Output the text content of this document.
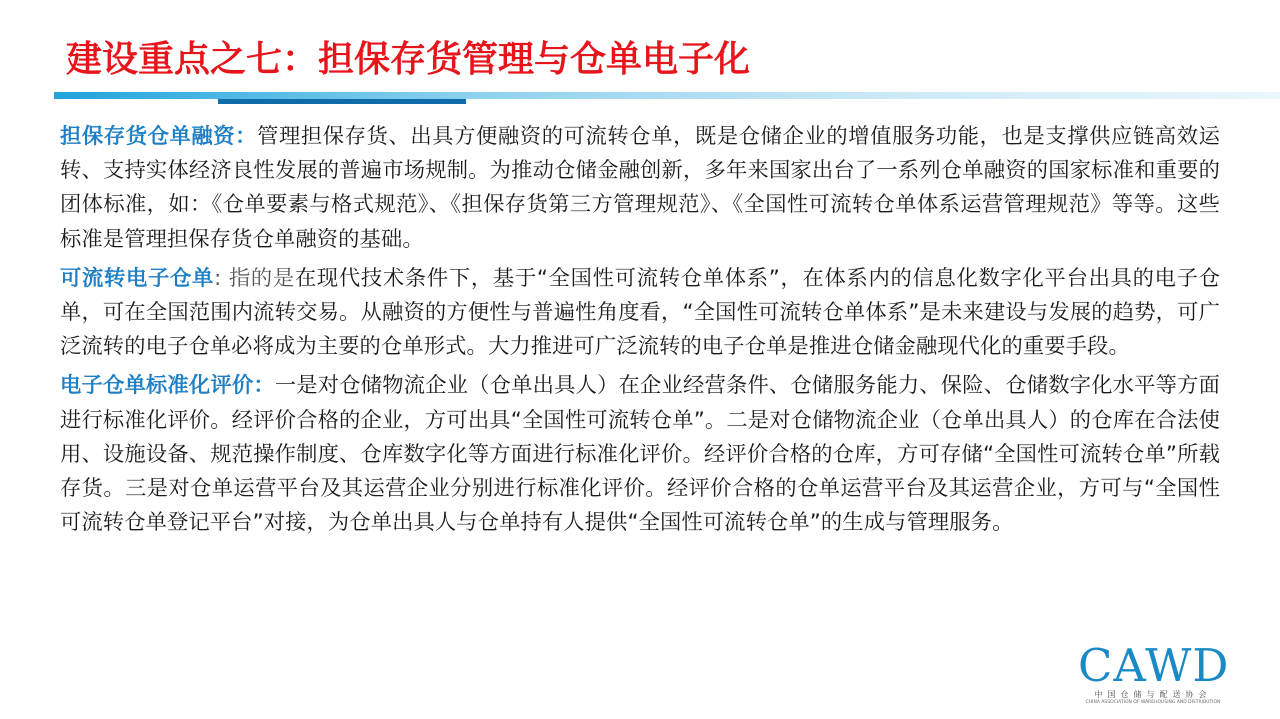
建设重点之七：担保存货管理与仓单电子化

担保存货仓单融资：管理担保存货、出具方便融资的可流转仓单，既是仓储企业的增值服务功能，也是支撑供应链高效运转、支持实体经济良性发展的普遍市场规制。为推动仓储金融创新，多年来国家出台了一系列仓单融资的国家标准和重要的团体标准，如：《仓单要素与格式规范》、《担保存货第三方管理规范》、《全国性可流转仓单体系运营管理规范》等等。这些标准是管理担保存货仓单融资的基础。

可流转电子仓单: 指的是在现代技术条件下，基于“全国性可流转仓单体系”，在体系内的信息化数字化平台出具的电子仓单，可在全国范围内流转交易。从融资的方便性与普遍性角度看，“全国性可流转仓单体系”是未来建设与发展的趋势，可广泛流转的电子仓单必将成为主要的仓单形式。大力推进可广泛流转的电子仓单是推进仓储金融现代化的重要手段。

电子仓单标准化评价：一是对仓储物流企业（仓单出具人）在企业经营条件、仓储服务能力、保险、仓储数字化水平等方面进行标准化评价。经评价合格的企业，方可出具“全国性可流转仓单”。二是对仓储物流企业（仓单出具人）的仓库在合法使用、设施设备、规范操作制度、仓库数字化等方面进行标准化评价。经评价合格的仓库，方可存储“全国性可流转仓单”所载存货。三是对仓单运营平台及其运营企业分别进行标准化评价。经评价合格的仓单运营平台及其运营企业，方可与“全国性可流转仓单登记平台”对接，为仓单出具人与仓单持有人提供“全国性可流转仓单”的生成与管理服务。

CAWD
中国仓储与配送协会
CHINA ASSOCIATION OF WAREHOUSING AND DISTRIBUTION
